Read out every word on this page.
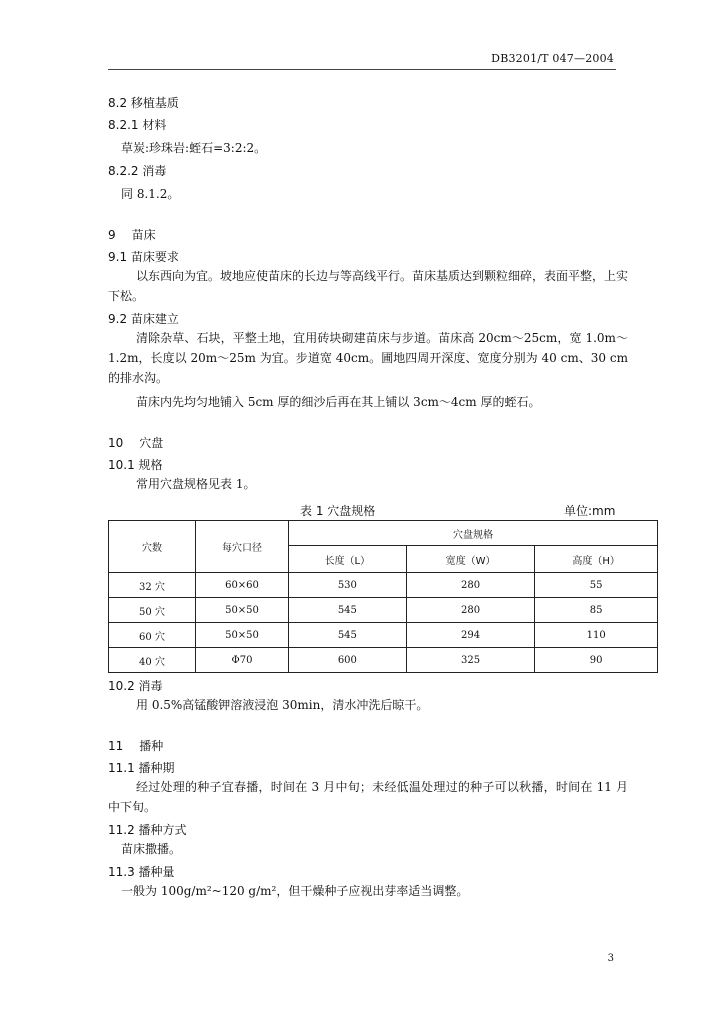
DB3201/T 047—2004

8.2 移植基质

8.2.1 材料

草炭:珍珠岩:蛭石=3:2:2。

8.2.2 消毒

同 8.1.2。

9 苗床

9.1 苗床要求

以东西向为宜。坡地应使苗床的长边与等高线平行。苗床基质达到颗粒细碎，表面平整，上实下松。

9.2 苗床建立

清除杂草、石块，平整土地，宜用砖块砌建苗床与步道。苗床高 20cm～25cm，宽 1.0m～1.2m，长度以 20m～25m 为宜。步道宽 40cm。圃地四周开深度、宽度分别为 40 cm、30 cm 的排水沟。

苗床内先均匀地铺入 5cm 厚的细沙后再在其上铺以 3cm～4cm 厚的蛭石。

10 穴盘

10.1 规格

常用穴盘规格见表 1。

表 1 穴盘规格	单位:mm
穴数	每穴口径	穴盘规格		
		长度（L）	宽度（W）	高度（H）
32 穴	60×60	530	280	55
50 穴	50×50	545	280	85
60 穴	50×50	545	294	110
40 穴	Φ70	600	325	90

10.2 消毒

用 0.5%高锰酸钾溶液浸泡 30min，清水冲洗后晾干。

11 播种

11.1 播种期

经过处理的种子宜春播，时间在 3 月中旬；未经低温处理过的种子可以秋播，时间在 11 月中下旬。

11.2 播种方式

苗床撒播。

11.3 播种量

一般为 100g/m²~120 g/m²，但干燥种子应视出芽率适当调整。

3
